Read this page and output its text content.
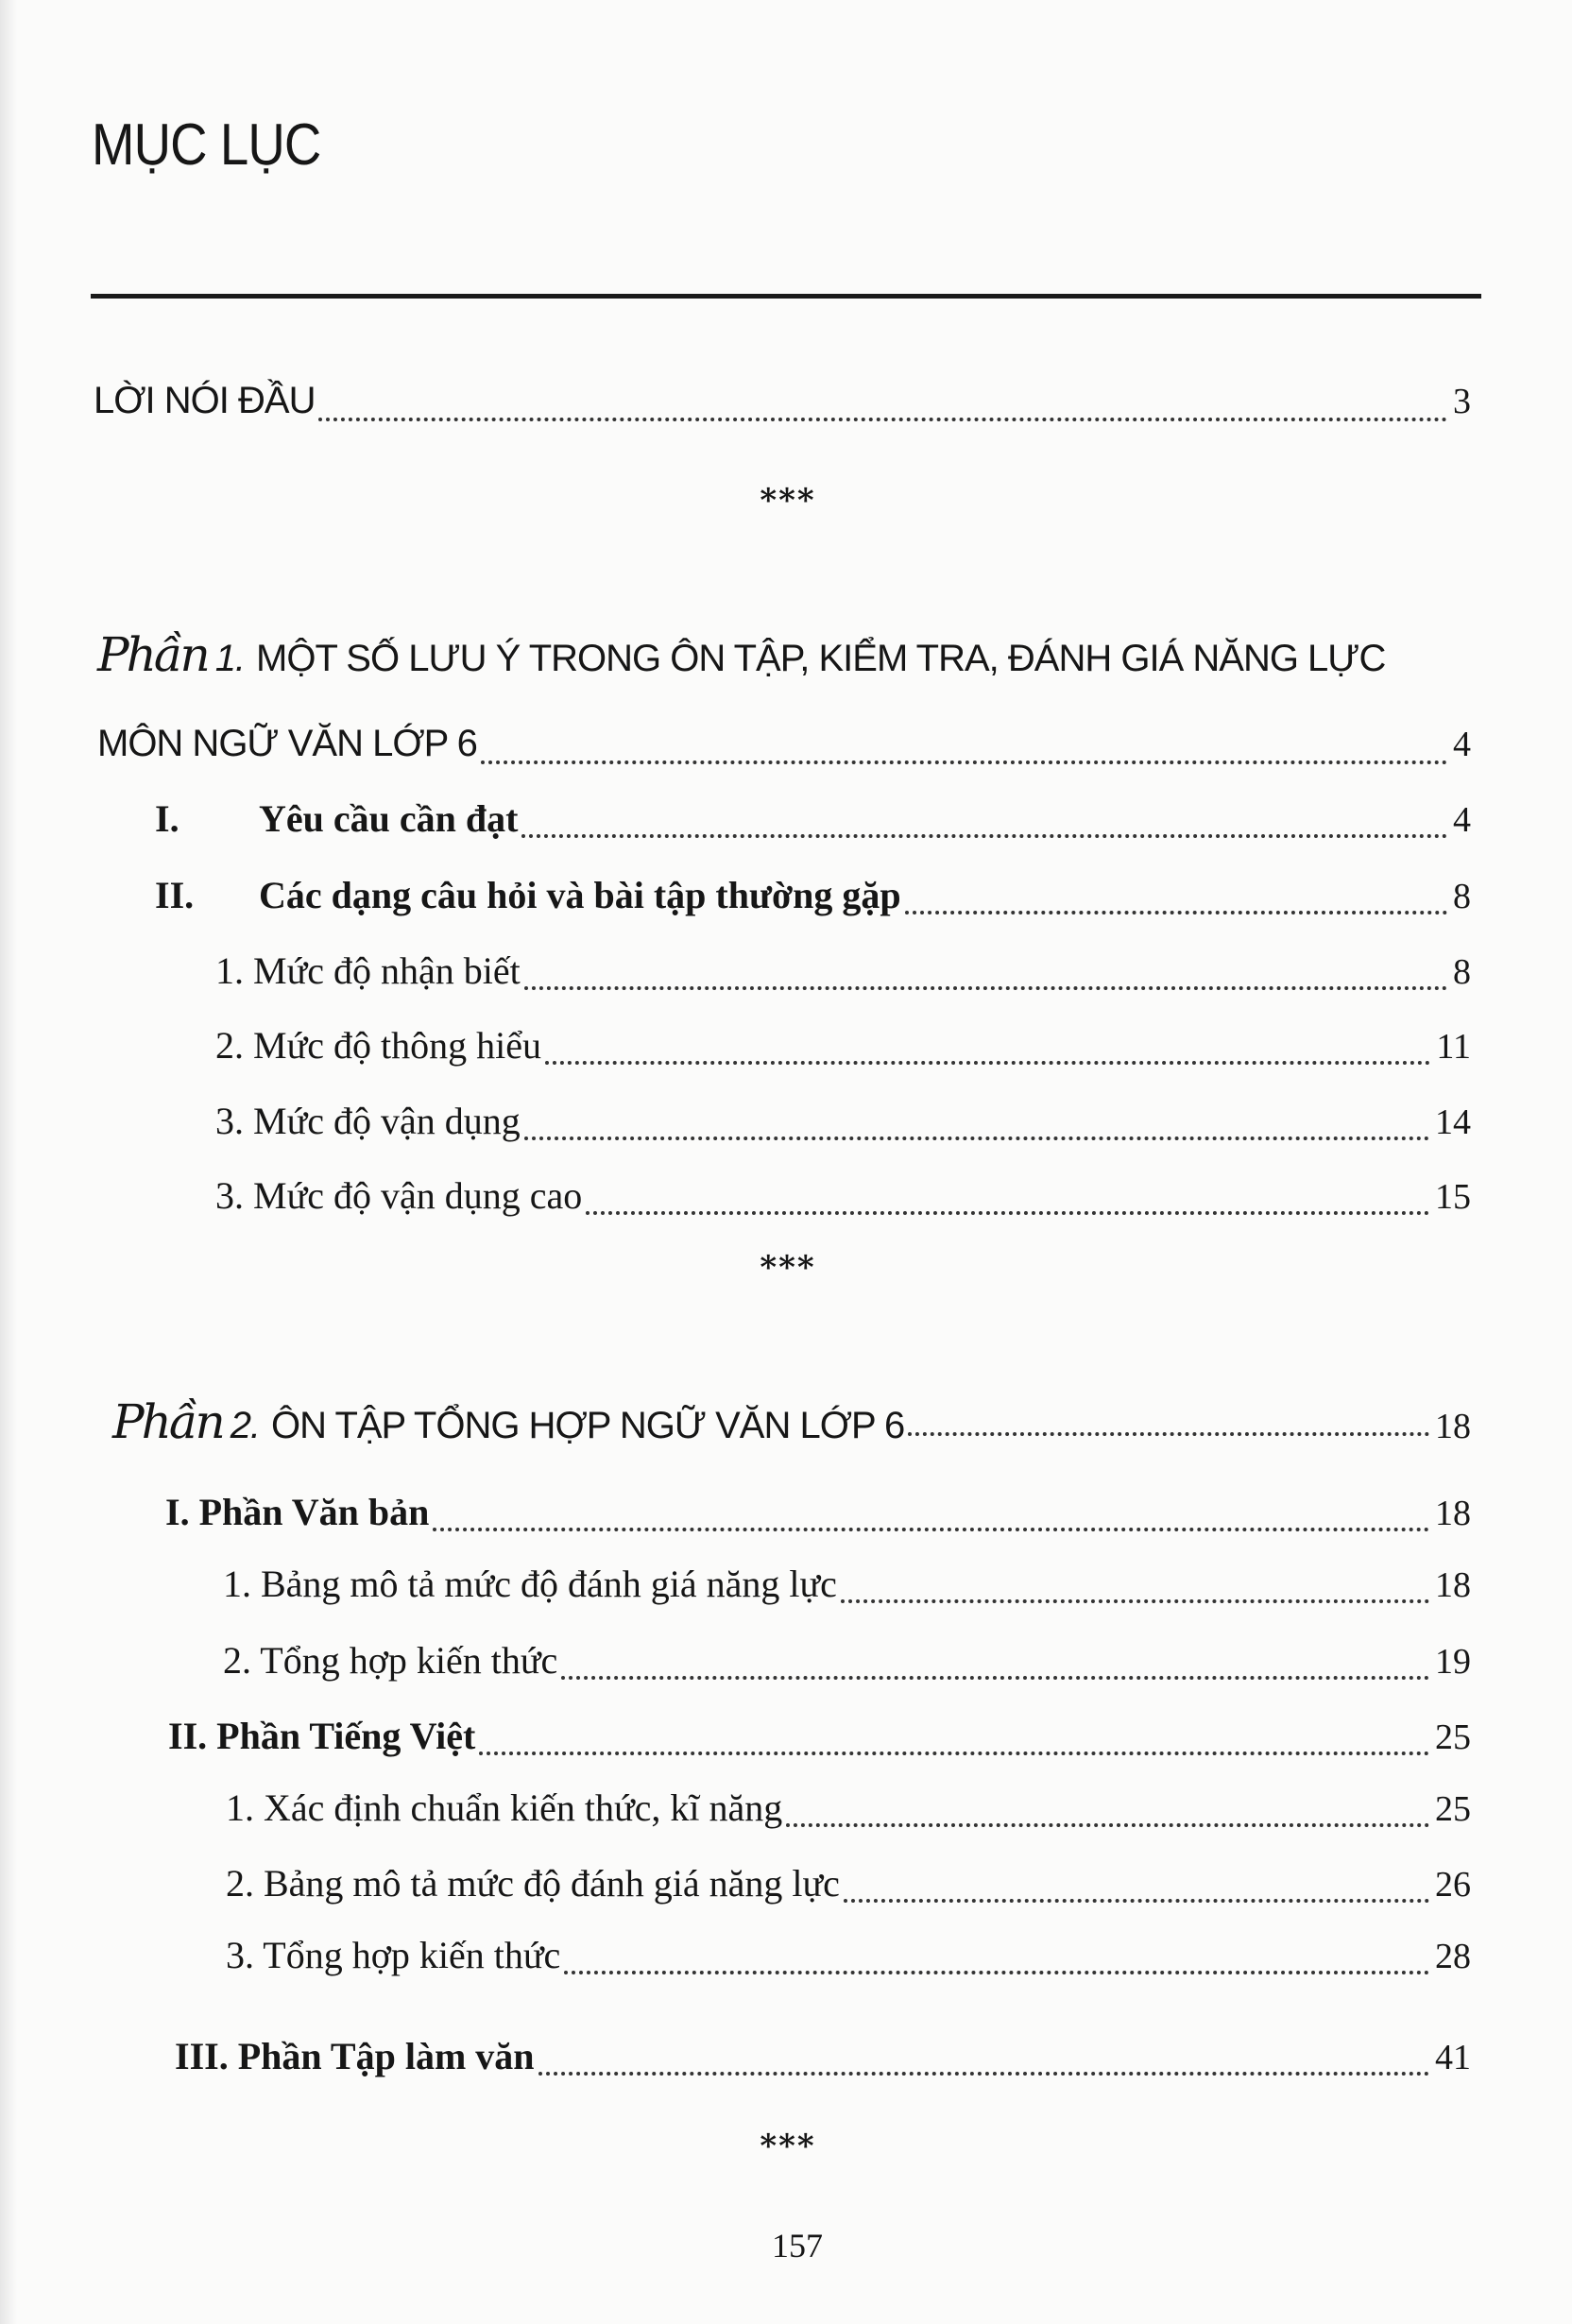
MỤC LỤC
LỜI NÓI ĐẦU	3
***
Phần 1. MỘT SỐ LƯU Ý TRONG ÔN TẬP, KIỂM TRA, ĐÁNH GIÁ NĂNG LỰC
MÔN NGỮ VĂN LỚP 6	4
I. Yêu cầu cần đạt	4
II. Các dạng câu hỏi và bài tập thường gặp	8
1. Mức độ nhận biết	8
2. Mức độ thông hiểu	11
3. Mức độ vận dụng	14
3. Mức độ vận dụng cao	15
***
Phần 2. ÔN TẬP TỔNG HỢP NGỮ VĂN LỚP 6	18
I. Phần Văn bản	18
1. Bảng mô tả mức độ đánh giá năng lực	18
2. Tổng hợp kiến thức	19
II. Phần Tiếng Việt	25
1. Xác định chuẩn kiến thức, kĩ năng	25
2. Bảng mô tả mức độ đánh giá năng lực	26
3. Tổng hợp kiến thức	28
III. Phần Tập làm văn	41
***
157
